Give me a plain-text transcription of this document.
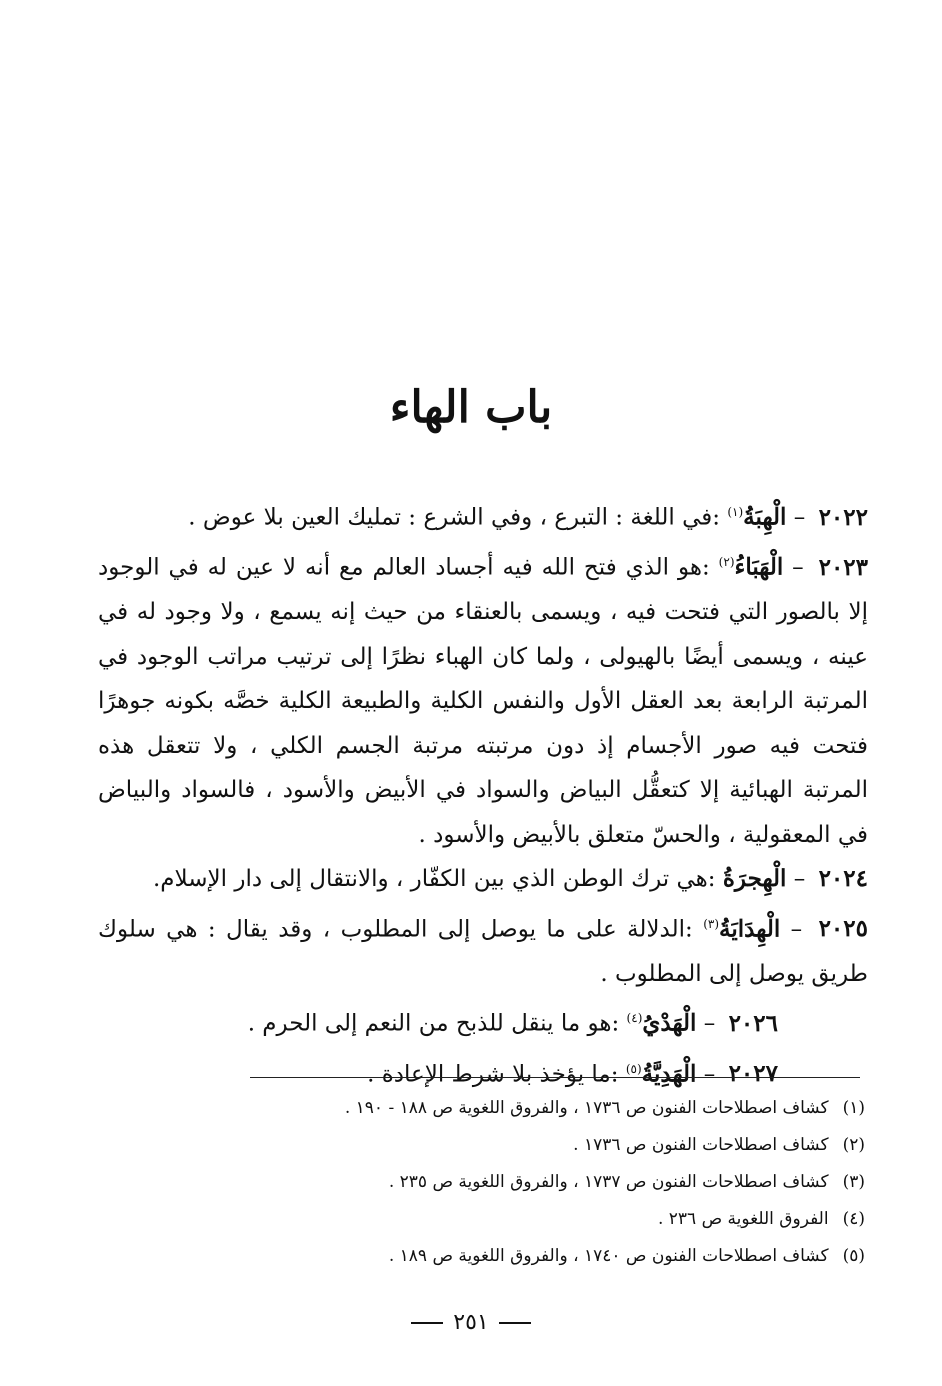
باب الهاء

٢٠٢٢ – الْهِبَةُ$^{(١)}$ :في اللغة : التبرع ، وفي الشرع : تمليك العين بلا عوض .

٢٠٢٣ – الْهَبَاءُ$^{(٢)}$ :هو الذي فتح الله فيه أجساد العالم مع أنه لا عين له في الوجود إلا بالصور التي فتحت فيه ، ويسمى بالعنقاء من حيث إنه يسمع ، ولا وجود له في عينه ، ويسمى أيضًا بالهيولى ، ولما كان الهباء نظرًا إلى ترتيب مراتب الوجود في المرتبة الرابعة بعد العقل الأول والنفس الكلية والطبيعة الكلية خصَّه بكونه جوهرًا فتحت فيه صور الأجسام إذ دون مرتبته مرتبة الجسم الكلي ، ولا تتعقل هذه المرتبة الهبائية إلا كتعقُّل البياض والسواد في الأبيض والأسود ، فالسواد والبياض في المعقولية ، والحسّ متعلق بالأبيض والأسود .

٢٠٢٤ – الْهِجرَةُ :هي ترك الوطن الذي بين الكفّار ، والانتقال إلى دار الإسلام.

٢٠٢٥ – الْهِدَايَةُ$^{(٣)}$ :الدلالة على ما يوصل إلى المطلوب ، وقد يقال : هي سلوك طريق يوصل إلى المطلوب .

٢٠٢٦ – الْهَدْيُ$^{(٤)}$ :هو ما ينقل للذبح من النعم إلى الحرم .

٢٠٢٧ – الْهَدِيَّةُ$^{(٥)}$ :ما يؤخذ بلا شرط الإعادة .

(١)كشاف اصطلاحات الفنون ص ١٧٣٦ ، والفروق اللغوية ص ١٨٨ - ١٩٠ .
(٢)كشاف اصطلاحات الفنون ص ١٧٣٦ .
(٣)كشاف اصطلاحات الفنون ص ١٧٣٧ ، والفروق اللغوية ص ٢٣٥ .
(٤)الفروق اللغوية ص ٢٣٦ .
(٥)كشاف اصطلاحات الفنون ص ١٧٤٠ ، والفروق اللغوية ص ١٨٩ .
٢٥١
